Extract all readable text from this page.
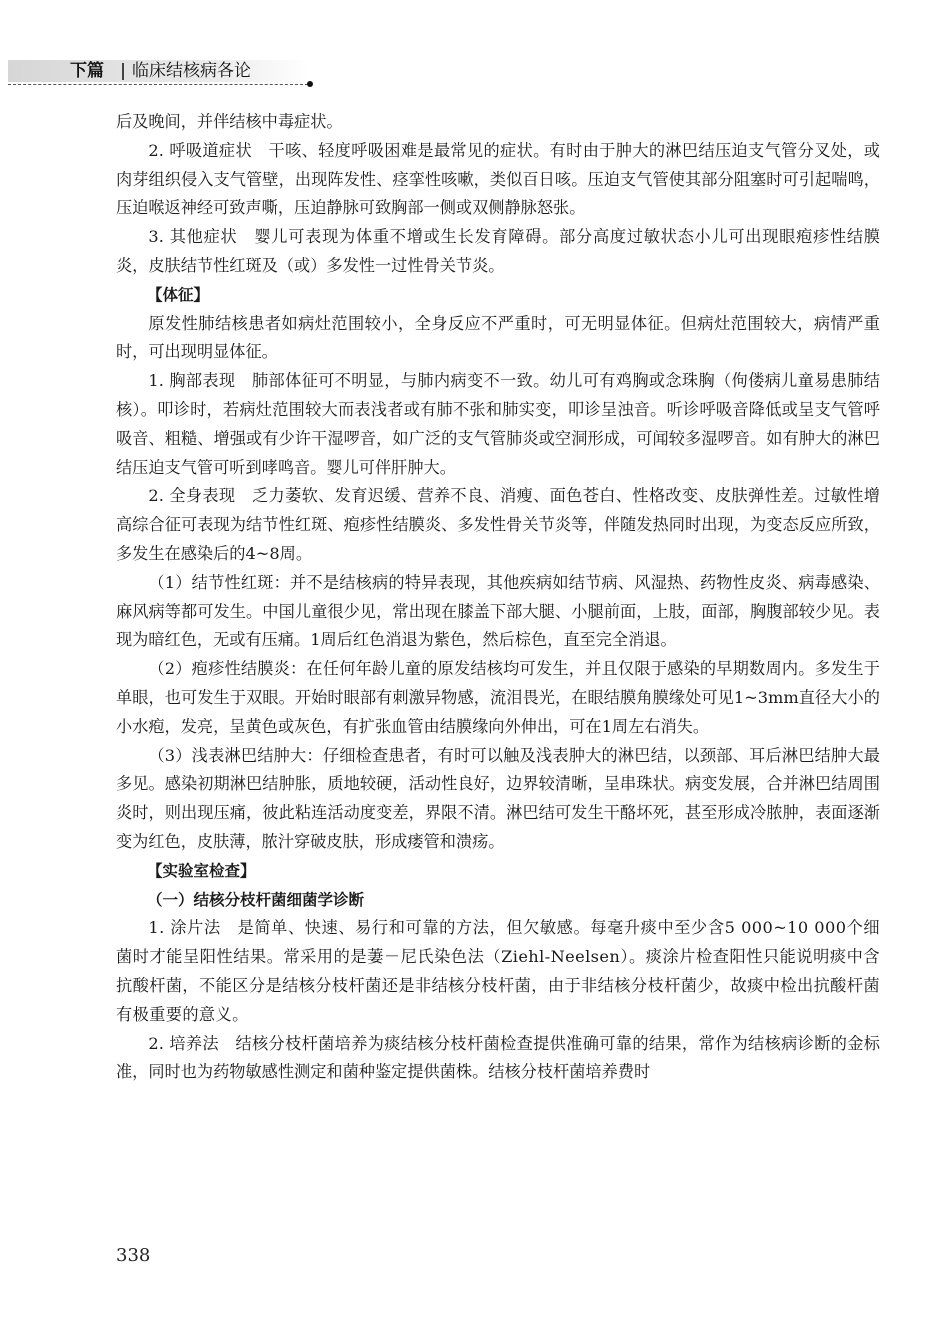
下篇 临床结核病各论

后及晚间，并伴结核中毒症状。

2. 呼吸道症状　干咳、轻度呼吸困难是最常见的症状。有时由于肿大的淋巴结压迫支气管分叉处，或肉芽组织侵入支气管壁，出现阵发性、痉挛性咳嗽，类似百日咳。压迫支气管使其部分阻塞时可引起喘鸣，压迫喉返神经可致声嘶，压迫静脉可致胸部一侧或双侧静脉怒张。

3. 其他症状　婴儿可表现为体重不增或生长发育障碍。部分高度过敏状态小儿可出现眼疱疹性结膜炎，皮肤结节性红斑及（或）多发性一过性骨关节炎。

【体征】

原发性肺结核患者如病灶范围较小，全身反应不严重时，可无明显体征。但病灶范围较大，病情严重时，可出现明显体征。

1. 胸部表现　肺部体征可不明显，与肺内病变不一致。幼儿可有鸡胸或念珠胸（佝偻病儿童易患肺结核）。叩诊时，若病灶范围较大而表浅者或有肺不张和肺实变，叩诊呈浊音。听诊呼吸音降低或呈支气管呼吸音、粗糙、增强或有少许干湿啰音，如广泛的支气管肺炎或空洞形成，可闻较多湿啰音。如有肿大的淋巴结压迫支气管可听到哮鸣音。婴儿可伴肝肿大。

2. 全身表现　乏力萎软、发育迟缓、营养不良、消瘦、面色苍白、性格改变、皮肤弹性差。过敏性增高综合征可表现为结节性红斑、疱疹性结膜炎、多发性骨关节炎等，伴随发热同时出现，为变态反应所致，多发生在感染后的4~8周。

（1）结节性红斑：并不是结核病的特异表现，其他疾病如结节病、风湿热、药物性皮炎、病毒感染、麻风病等都可发生。中国儿童很少见，常出现在膝盖下部大腿、小腿前面，上肢，面部，胸腹部较少见。表现为暗红色，无或有压痛。1周后红色消退为紫色，然后棕色，直至完全消退。

（2）疱疹性结膜炎：在任何年龄儿童的原发结核均可发生，并且仅限于感染的早期数周内。多发生于单眼，也可发生于双眼。开始时眼部有刺激异物感，流泪畏光，在眼结膜角膜缘处可见1~3mm直径大小的小水疱，发亮，呈黄色或灰色，有扩张血管由结膜缘向外伸出，可在1周左右消失。

（3）浅表淋巴结肿大：仔细检查患者，有时可以触及浅表肿大的淋巴结，以颈部、耳后淋巴结肿大最多见。感染初期淋巴结肿胀，质地较硬，活动性良好，边界较清晰，呈串珠状。病变发展，合并淋巴结周围炎时，则出现压痛，彼此粘连活动度变差，界限不清。淋巴结可发生干酪坏死，甚至形成冷脓肿，表面逐渐变为红色，皮肤薄，脓汁穿破皮肤，形成瘘管和溃疡。

【实验室检查】

（一）结核分枝杆菌细菌学诊断

1. 涂片法　是简单、快速、易行和可靠的方法，但欠敏感。每毫升痰中至少含5 000~10 000个细菌时才能呈阳性结果。常采用的是萋－尼氏染色法（Ziehl-Neelsen）。痰涂片检查阳性只能说明痰中含抗酸杆菌，不能区分是结核分枝杆菌还是非结核分枝杆菌，由于非结核分枝杆菌少，故痰中检出抗酸杆菌有极重要的意义。

2. 培养法　结核分枝杆菌培养为痰结核分枝杆菌检查提供准确可靠的结果，常作为结核病诊断的金标准，同时也为药物敏感性测定和菌种鉴定提供菌株。结核分枝杆菌培养费时

338
